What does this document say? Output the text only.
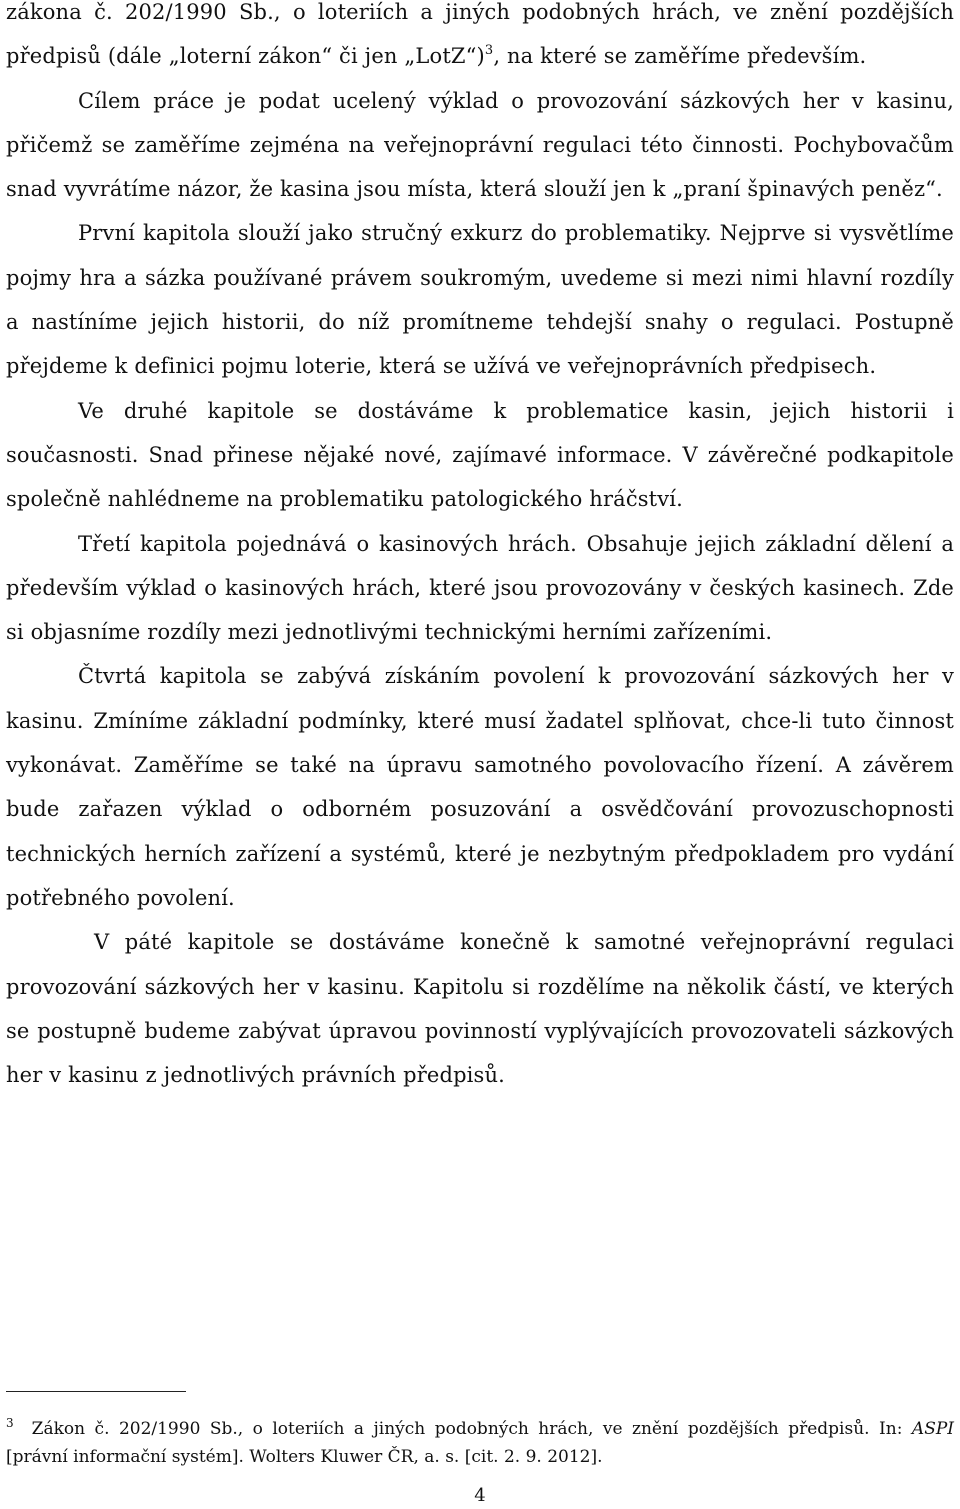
zákona č. 202/1990 Sb., o loteriích a jiných podobných hrách, ve znění pozdějších předpisů (dále „loterní zákon“ či jen „LotZ“)$^3$, na které se zaměříme především.

Cílem práce je podat ucelený výklad o provozování sázkových her v kasinu, přičemž se zaměříme zejména na veřejnoprávní regulaci této činnosti. Pochybovačům snad vyvrátíme názor, že kasina jsou místa, která slouží jen k „praní špinavých peněz“.

První kapitola slouží jako stručný exkurz do problematiky. Nejprve si vysvětlíme pojmy hra a sázka používané právem soukromým, uvedeme si mezi nimi hlavní rozdíly a nastíníme jejich historii, do níž promítneme tehdejší snahy o regulaci. Postupně přejdeme k definici pojmu loterie, která se užívá ve veřejnoprávních předpisech.

Ve druhé kapitole se dostáváme k problematice kasin, jejich historii i současnosti. Snad přinese nějaké nové, zajímavé informace. V závěrečné podkapitole společně nahlédneme na problematiku patologického hráčství.

Třetí kapitola pojednává o kasinových hrách. Obsahuje jejich základní dělení a především výklad o kasinových hrách, které jsou provozovány v českých kasinech. Zde si objasníme rozdíly mezi jednotlivými technickými herními zařízeními.

Čtvrtá kapitola se zabývá získáním povolení k provozování sázkových her v kasinu. Zmíníme základní podmínky, které musí žadatel splňovat, chce-li tuto činnost vykonávat. Zaměříme se také na úpravu samotného povolovacího řízení. A závěrem bude zařazen výklad o odborném posuzování a osvědčování provozuschopnosti technických herních zařízení a systémů, které je nezbytným předpokladem pro vydání potřebného povolení.

V páté kapitole se dostáváme konečně k samotné veřejnoprávní regulaci provozování sázkových her v kasinu. Kapitolu si rozdělíme na několik částí, ve kterých se postupně budeme zabývat úpravou povinností vyplývajících provozovateli sázkových her v kasinu z jednotlivých právních předpisů.

$^3$ Zákon č. 202/1990 Sb., o loteriích a jiných podobných hrách, ve znění pozdějších předpisů. In: ASPI [právní informační systém]. Wolters Kluwer ČR, a. s. [cit. 2. 9. 2012].

4
